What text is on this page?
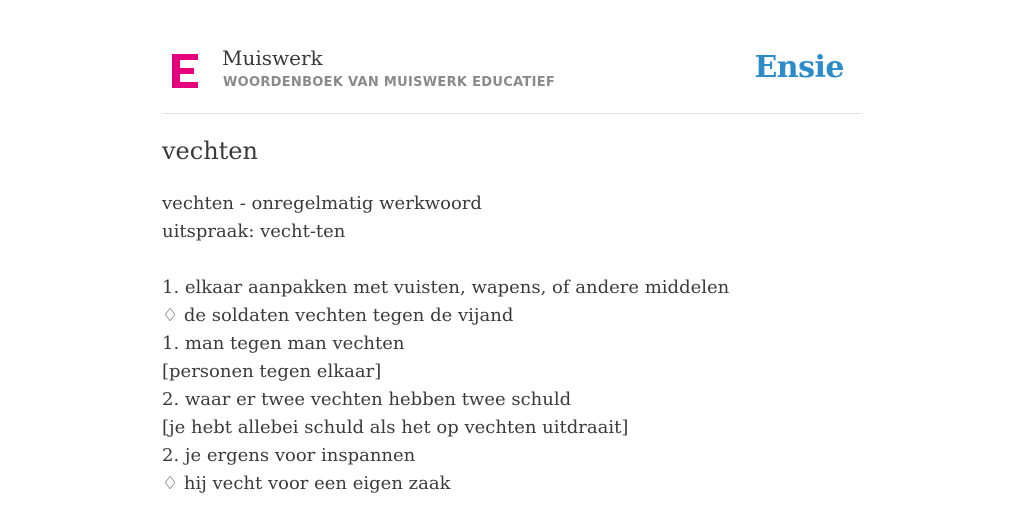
Muiswerk
WOORDENBOEK VAN MUISWERK EDUCATIEF	Ensie
vechten
vechten - onregelmatig werkwoord
uitspraak: vecht-ten
1. elkaar aanpakken met vuisten, wapens, of andere middelen
♢ de soldaten vechten tegen de vijand
1. man tegen man vechten
[personen tegen elkaar]
2. waar er twee vechten hebben twee schuld
[je hebt allebei schuld als het op vechten uitdraait]
2. je ergens voor inspannen
♢ hij vecht voor een eigen zaak
